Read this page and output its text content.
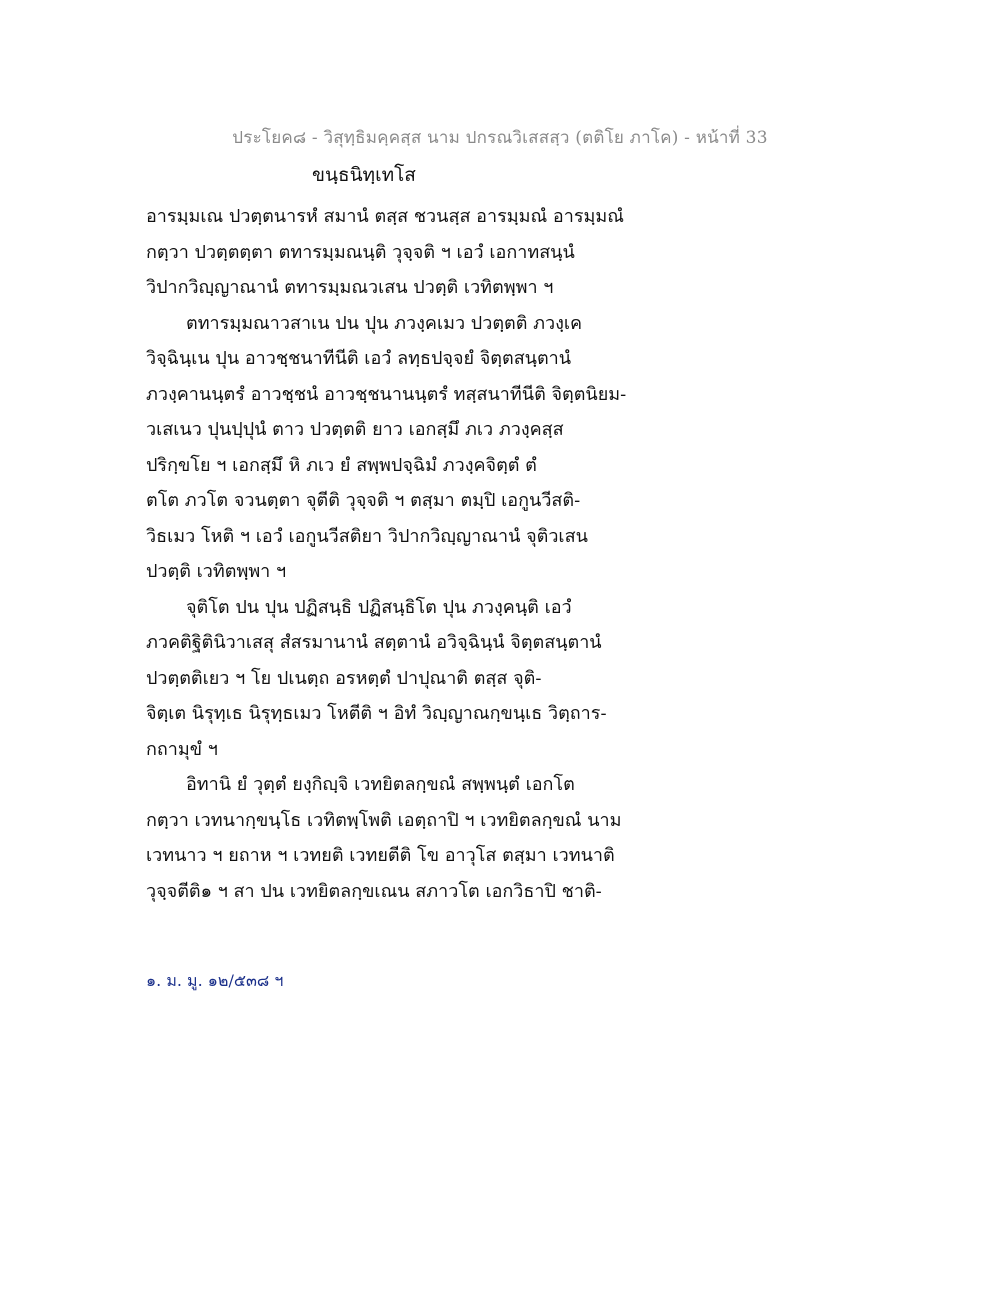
ประโยค๘ - วิสุทฺธิมคฺคสฺส นาม ปกรณวิเสสสฺว (ตติโย ภาโค) - หน้าที่ 33
ขนฺธนิทฺเทโส
อารมฺมเณ ปวตฺตนารหํ สมานํ ตสฺส ชวนสฺส อารมฺมณํ อารมฺมณํ
กตฺวา ปวตฺตตฺตา ตทารมฺมณนฺติ วุจฺจติ ฯ เอวํ เอกาทสนฺนํ
วิปากวิญฺญาณานํ ตทารมฺมณวเสน ปวตฺติ เวทิตพฺพา ฯ
ตทารมฺมณาวสาเน ปน ปุน ภวงฺคเมว ปวตฺตติ ภวงฺเค
วิจฺฉินฺเน ปุน อาวชฺชนาทีนีติ เอวํ ลทฺธปจฺจยํ จิตฺตสนฺตานํ
ภวงฺคานนฺตรํ อาวชฺชนํ อาวชฺชนานนฺตรํ ทสฺสนาทีนีติ จิตฺตนิยม-
วเสเนว ปุนปฺปุนํ ตาว ปวตฺตติ ยาว เอกสฺมึ ภเว ภวงฺคสฺส
ปริกฺขโย ฯ เอกสฺมึ หิ ภเว ยํ สพฺพปจฺฉิมํ ภวงฺคจิตฺตํ ตํ
ตโต ภวโต จวนตฺตา จุตีติ วุจฺจติ ฯ ตสฺมา ตมฺปิ เอกูนวีสติ-
วิธเมว โหติ ฯ เอวํ เอกูนวีสติยา วิปากวิญฺญาณานํ จุติวเสน
ปวตฺติ เวทิตพฺพา ฯ
จุติโต ปน ปุน ปฏิสนฺธิ ปฏิสนฺธิโต ปุน ภวงฺคนฺติ เอวํ
ภวคติฐิตินิวาเสสุ สํสรมานานํ สตฺตานํ อวิจฺฉินฺนํ จิตฺตสนฺตานํ
ปวตฺตติเยว ฯ โย ปเนตฺถ อรหตฺตํ ปาปุณาติ ตสฺส จุติ-
จิตฺเต นิรุทฺเธ นิรุทฺธเมว โหตีติ ฯ อิทํ วิญฺญาณกฺขนฺเธ วิตฺถาร-
กถามุขํ ฯ
อิทานิ ยํ วุตฺตํ ยงฺกิญฺจิ เวทยิตลกฺขณํ สพฺพนฺตํ เอกโต
กตฺวา เวทนากฺขนฺโธ เวทิตพฺโพติ เอตฺถาปิ ฯ เวทยิตลกฺขณํ นาม
เวทนาว ฯ ยถาห ฯ เวทยติ เวทยตีติ โข อาวุโส ตสฺมา เวทนาติ
วุจฺจตีติ๑ ฯ สา ปน เวทยิตลกฺขเณน สภาวโต เอกวิธาปิ ชาติ-
๑. ม. มู. ๑๒/๕๓๘ ฯ
